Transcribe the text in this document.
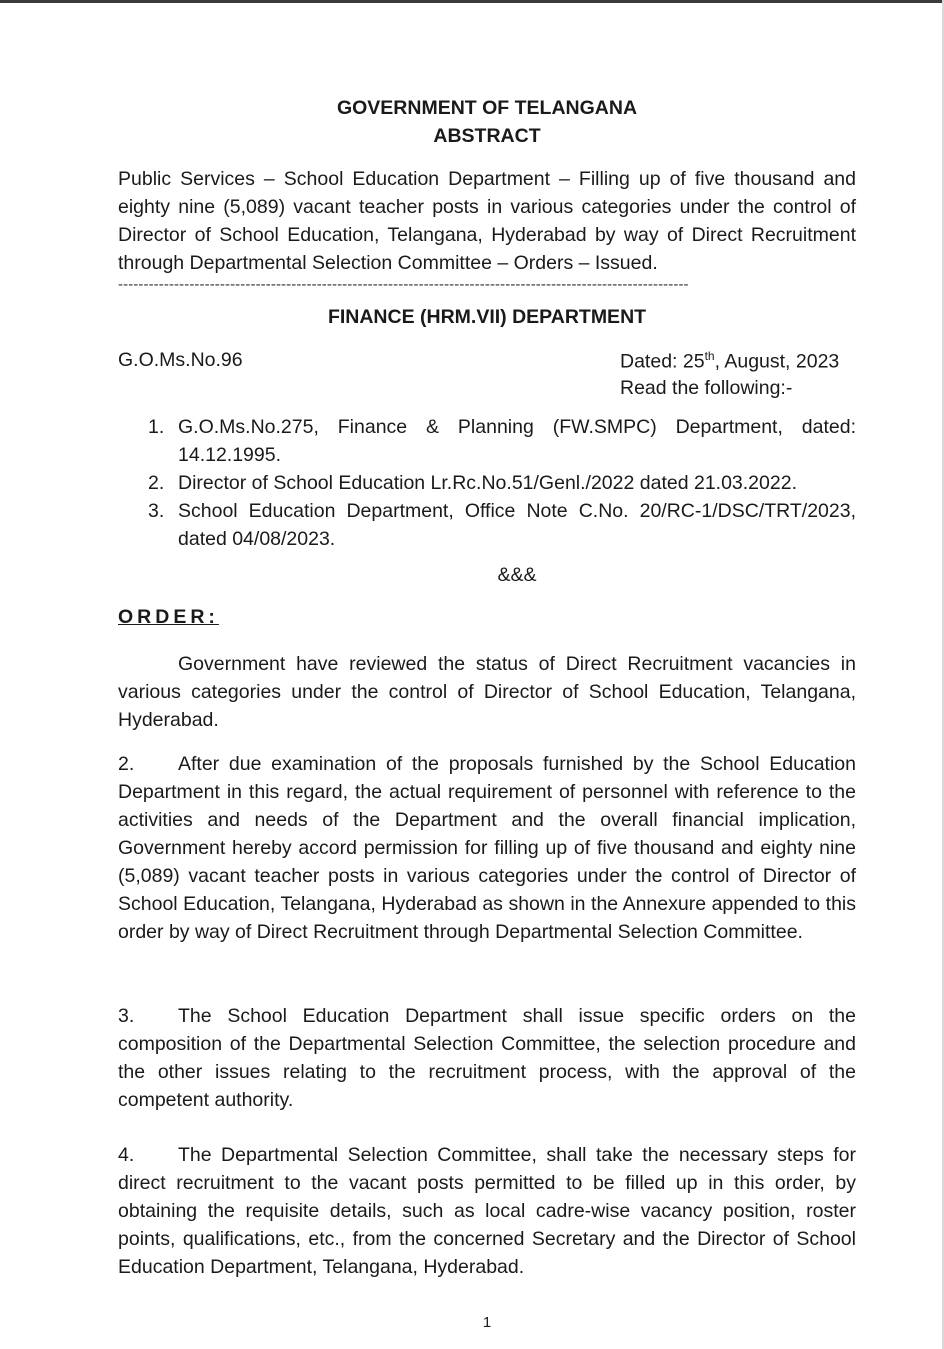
GOVERNMENT OF TELANGANA
ABSTRACT

Public Services – School Education Department – Filling up of five thousand and eighty nine (5,089) vacant teacher posts in various categories under the control of Director of School Education, Telangana, Hyderabad by way of Direct Recruitment through Departmental Selection Committee – Orders – Issued.

----------------------------------------------------------------------------------------------------------------
FINANCE (HRM.VII) DEPARTMENT
G.O.Ms.No.96	Dated: 25th, August, 2023
Read the following:-
1. G.O.Ms.No.275, Finance & Planning (FW.SMPC) Department, dated: 14.12.1995.
2. Director of School Education Lr.Rc.No.51/Genl./2022 dated 21.03.2022.
3. School Education Department, Office Note C.No. 20/RC-1/DSC/TRT/2023, dated 04/08/2023.
&&&
ORDER:

Government have reviewed the status of Direct Recruitment vacancies in various categories under the control of Director of School Education, Telangana, Hyderabad.

2. After due examination of the proposals furnished by the School Education Department in this regard, the actual requirement of personnel with reference to the activities and needs of the Department and the overall financial implication, Government hereby accord permission for filling up of five thousand and eighty nine (5,089) vacant teacher posts in various categories under the control of Director of School Education, Telangana, Hyderabad as shown in the Annexure appended to this order by way of Direct Recruitment through Departmental Selection Committee.

3. The School Education Department shall issue specific orders on the composition of the Departmental Selection Committee, the selection procedure and the other issues relating to the recruitment process, with the approval of the competent authority.

4. The Departmental Selection Committee, shall take the necessary steps for direct recruitment to the vacant posts permitted to be filled up in this order, by obtaining the requisite details, such as local cadre-wise vacancy position, roster points, qualifications, etc., from the concerned Secretary and the Director of School Education Department, Telangana, Hyderabad.

1
